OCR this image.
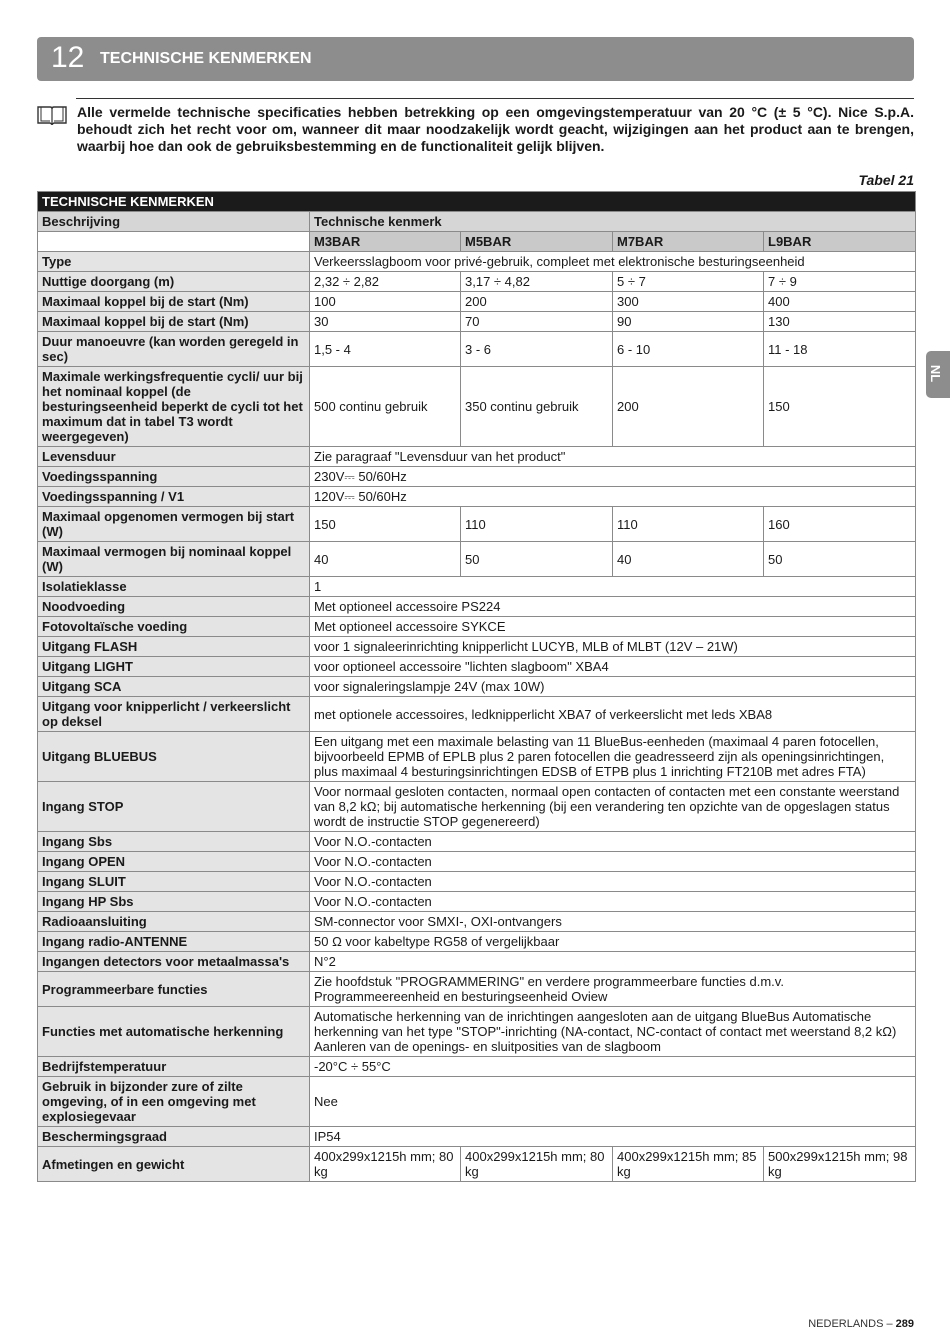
12 TECHNISCHE KENMERKEN
Alle vermelde technische specificaties hebben betrekking op een omgevingstemperatuur van 20 °C (± 5 °C). Nice S.p.A. behoudt zich het recht voor om, wanneer dit maar noodzakelijk wordt geacht, wijzigingen aan het product aan te brengen, waarbij hoe dan ook de gebruiksbestemming en de functionaliteit gelijk blijven.
Tabel 21
TECHNISCHE KENMERKEN				
Beschrijving	Technische kenmerk			
	M3BAR	M5BAR	M7BAR	L9BAR
Type	Verkeersslagboom voor privé-gebruik, compleet met elektronische besturingseenheid			
Nuttige doorgang (m)	2,32 ÷ 2,82	3,17 ÷ 4,82	5 ÷ 7	7 ÷ 9
Maximaal koppel bij de start (Nm)	100	200	300	400
Maximaal koppel bij de start (Nm)	30	70	90	130
Duur manoeuvre (kan worden geregeld in sec)	1,5 - 4	3 - 6	6 - 10	11 - 18
Maximale werkingsfrequentie cycli/ uur bij het nominaal koppel (de besturingseenheid beperkt de cycli tot het maximum dat in tabel T3 wordt weergegeven)	500 continu gebruik	350 continu gebruik	200	150
Levensduur	Zie paragraaf "Levensduur van het product"			
Voedingsspanning	230V⎓ 50/60Hz			
Voedingsspanning / V1	120V⎓ 50/60Hz			
Maximaal opgenomen vermogen bij start (W)	150	110	110	160
Maximaal vermogen bij nominaal koppel (W)	40	50	40	50
Isolatieklasse	1			
Noodvoeding	Met optioneel accessoire PS224			
Fotovoltaïsche voeding	Met optioneel accessoire SYKCE			
Uitgang FLASH	voor 1 signaleerinrichting knipperlicht LUCYB, MLB of MLBT (12V – 21W)			
Uitgang LIGHT	voor optioneel accessoire "lichten slagboom" XBA4			
Uitgang SCA	voor signaleringslampje 24V (max 10W)			
Uitgang voor knipperlicht / verkeerslicht op deksel	met optionele accessoires, ledknipperlicht XBA7 of verkeerslicht met leds XBA8			
Uitgang BLUEBUS	Een uitgang met een maximale belasting van 11 BlueBus-eenheden (maximaal 4 paren fotocellen, bijvoorbeeld EPMB of EPLB plus 2 paren fotocellen die geadresseerd zijn als openingsinrichtingen, plus maximaal 4 besturingsinrichtingen EDSB of ETPB plus 1 inrichting FT210B met adres FTA)			
Ingang STOP	Voor normaal gesloten contacten, normaal open contacten of contacten met een constante weerstand van 8,2 kΩ; bij automatische herkenning (bij een verandering ten opzichte van de opgeslagen status wordt de instructie STOP gegenereerd)			
Ingang Sbs	Voor N.O.-contacten			
Ingang OPEN	Voor N.O.-contacten			
Ingang SLUIT	Voor N.O.-contacten			
Ingang HP Sbs	Voor N.O.-contacten			
Radioaansluiting	SM-connector voor SMXI-, OXI-ontvangers			
Ingang radio-ANTENNE	50 Ω voor kabeltype RG58 of vergelijkbaar			
Ingangen detectors voor metaalmassa's	N°2			
Programmeerbare functies	Zie hoofdstuk "PROGRAMMERING" en verdere programmeerbare functies d.m.v. Programmeereenheid en besturingseenheid Oview			
Functies met automatische herkenning	Automatische herkenning van de inrichtingen aangesloten aan de uitgang BlueBus Automatische herkenning van het type "STOP"-inrichting (NA-contact, NC-contact of contact met weerstand 8,2 kΩ) Aanleren van de openings- en sluitposities van de slagboom			
Bedrijfstemperatuur	-20°C ÷ 55°C			
Gebruik in bijzonder zure of zilte omgeving, of in een omgeving met explosiegevaar	Nee			
Beschermingsgraad	IP54			
Afmetingen en gewicht	400x299x1215h mm; 80 kg	400x299x1215h mm; 80 kg	400x299x1215h mm; 85 kg	500x299x1215h mm; 98 kg
NL
NEDERLANDS – 289
